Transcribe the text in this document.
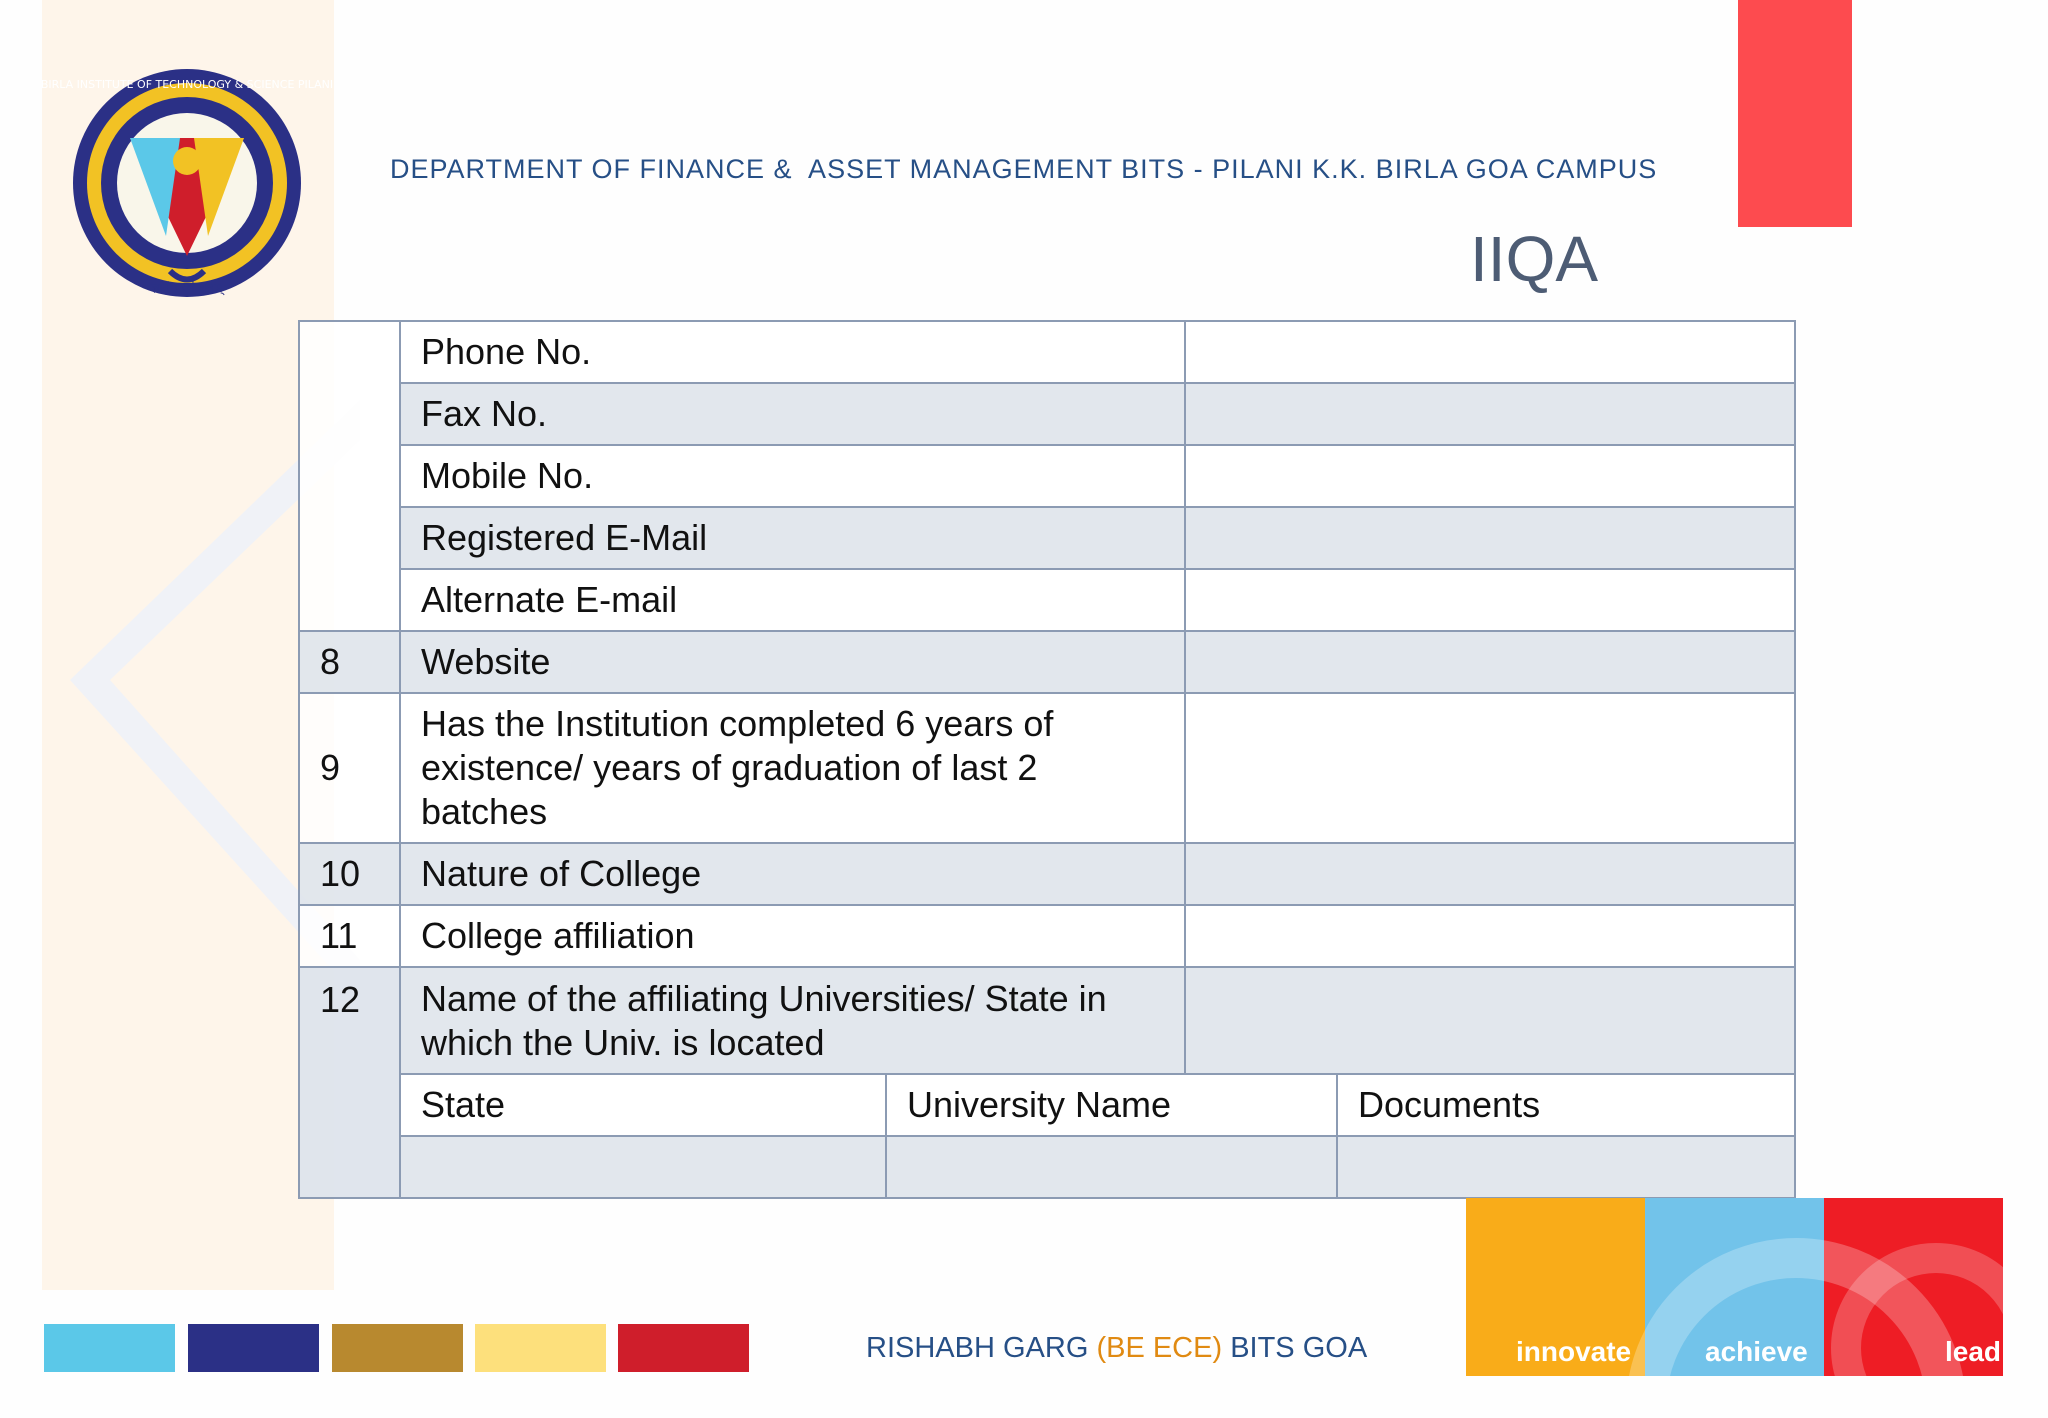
BIRLA INSTITUTE OF TECHNOLOGY & SCIENCE PILANI
ज्ञानं परमं बलम्
DEPARTMENT OF FINANCE &  ASSET MANAGEMENT BITS - PILANI K.K. BIRLA GOA CAMPUS
IIQA
	Phone No.			
	Fax No.			
	Mobile No.			
	Registered E-Mail			
	Alternate E-mail			
8	Website			
9	Has the Institution completed 6 years of existence/ years of graduation of last 2 batches			
10	Nature of College			
11	College affiliation			
12	Name of the affiliating Universities/ State in which the Univ. is located			
	State	University Name		Documents

RISHABH GARG (BE ECE) BITS GOA	innovate	achieve	lead
